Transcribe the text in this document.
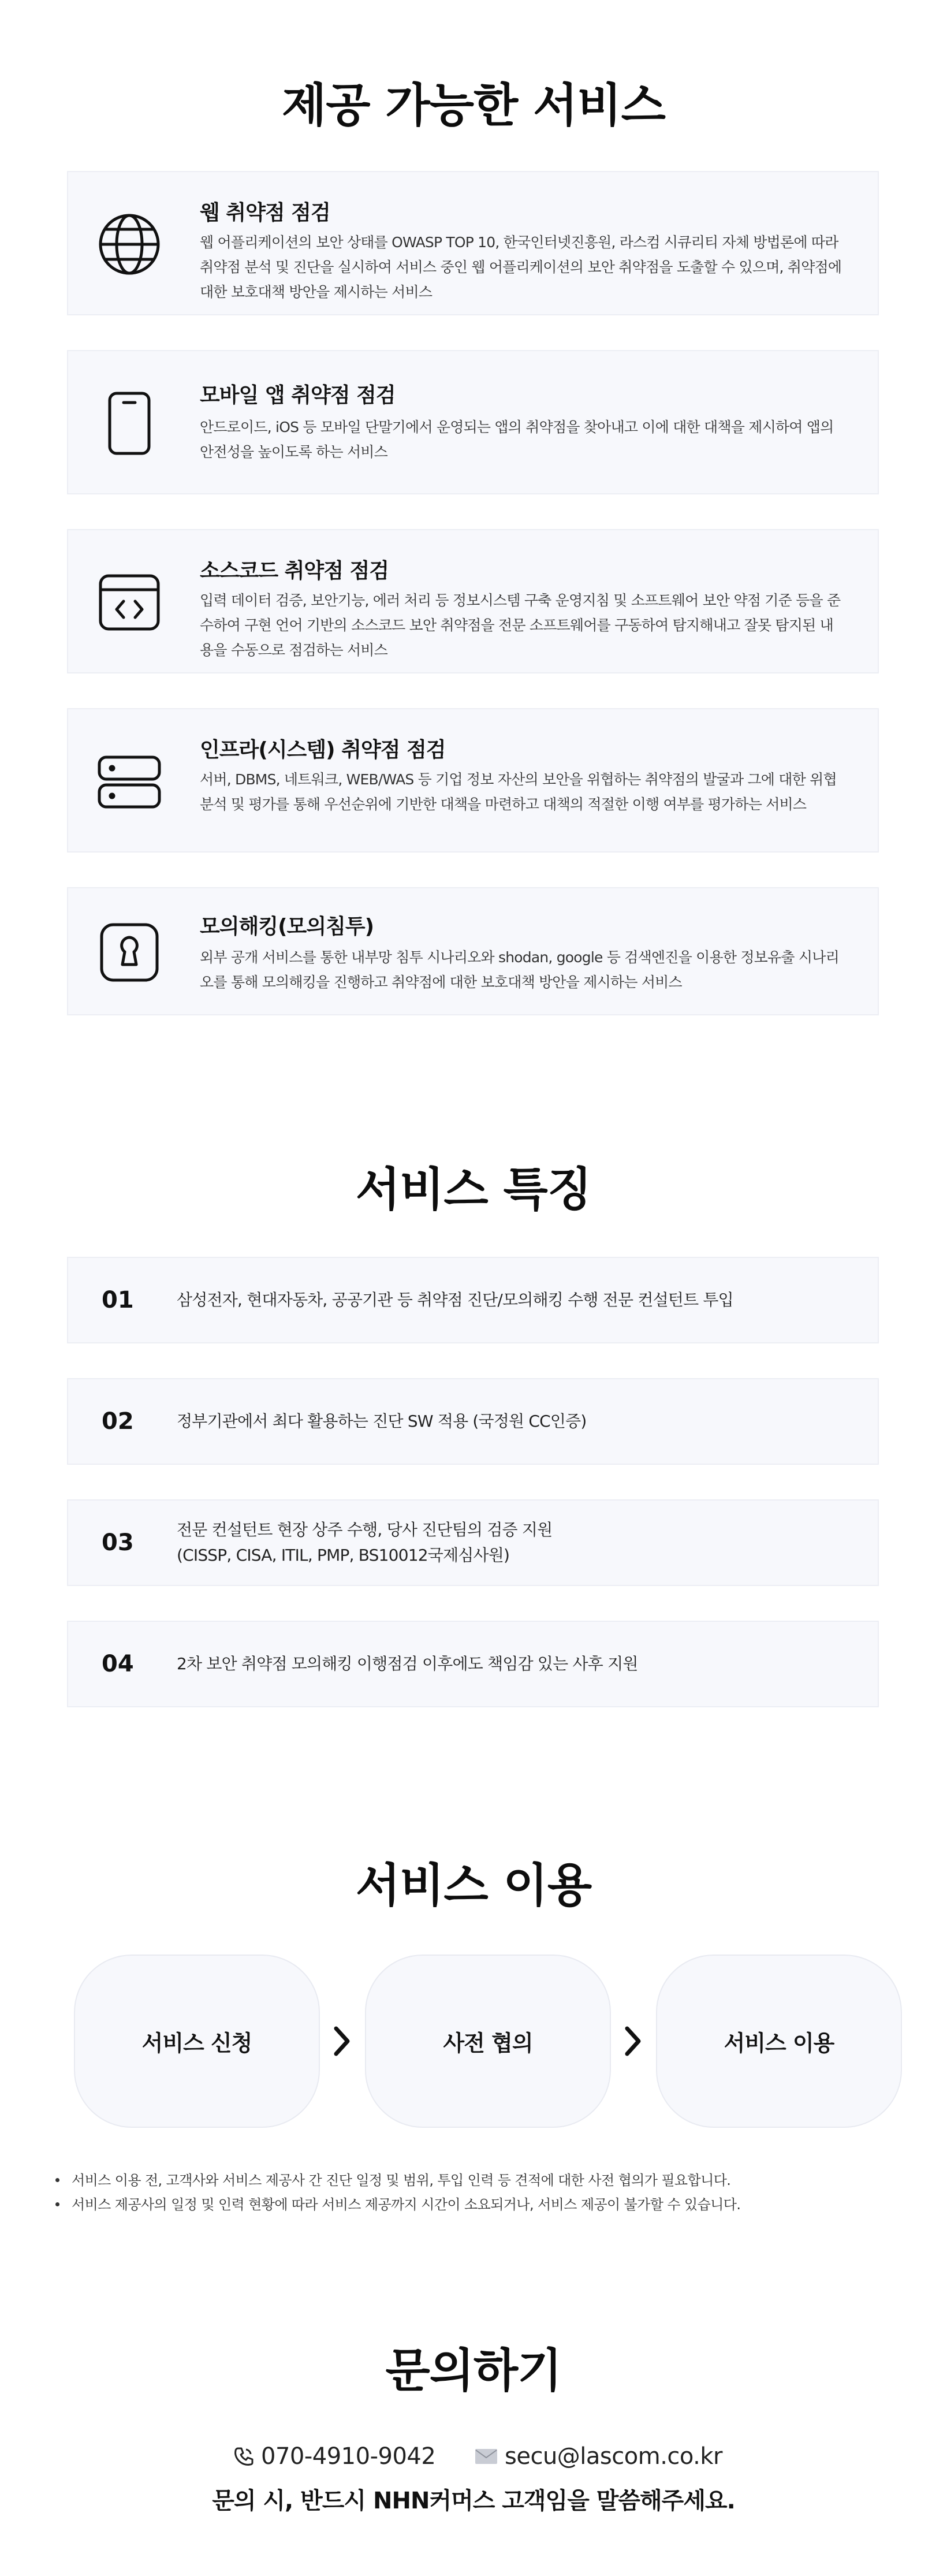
제공 가능한 서비스
웹 취약점 점검
웹 어플리케이션의 보안 상태를 OWASP TOP 10, 한국인터넷진흥원, 라스컴 시큐리티 자체 방법론에 따라 취약점 분석 및 진단을 실시하여 서비스 중인 웹 어플리케이션의 보안 취약점을 도출할 수 있으며, 취약점에 대한 보호대책 방안을 제시하는 서비스
모바일 앱 취약점 점검
안드로이드, iOS 등 모바일 단말기에서 운영되는 앱의 취약점을 찾아내고 이에 대한 대책을 제시하여 앱의 안전성을 높이도록 하는 서비스
소스코드 취약점 점검
입력 데이터 검증, 보안기능, 에러 처리 등 정보시스템 구축 운영지침 및 소프트웨어 보안 약점 기준 등을 준수하여 구현 언어 기반의 소스코드 보안 취약점을 전문 소프트웨어를 구동하여 탐지해내고 잘못 탐지된 내용을 수동으로 점검하는 서비스
인프라(시스템) 취약점 점검
서버, DBMS, 네트워크, WEB/WAS 등 기업 정보 자산의 보안을 위협하는 취약점의 발굴과 그에 대한 위협분석 및 평가를 통해 우선순위에 기반한 대책을 마련하고 대책의 적절한 이행 여부를 평가하는 서비스
모의해킹(모의침투)
외부 공개 서비스를 통한 내부망 침투 시나리오와 shodan, google 등 검색엔진을 이용한 정보유출 시나리오를 통해 모의해킹을 진행하고 취약점에 대한 보호대책 방안을 제시하는 서비스
서비스 특징
01	삼성전자, 현대자동차, 공공기관 등 취약점 진단/모의해킹 수행 전문 컨설턴트 투입
02	정부기관에서 최다 활용하는 진단 SW 적용 (국정원 CC인증)
03	전문 컨설턴트 현장 상주 수행, 당사 진단팀의 검증 지원
(CISSP, CISA, ITIL, PMP, BS10012국제심사원)
04	2차 보안 취약점 모의해킹 이행점검 이후에도 책임감 있는 사후 지원
서비스 이용
서비스 신청	사전 협의	서비스 이용
서비스 이용 전, 고객사와 서비스 제공사 간 진단 일정 및 범위, 투입 인력 등 견적에 대한 사전 협의가 필요합니다.
서비스 제공사의 일정 및 인력 현황에 따라 서비스 제공까지 시간이 소요되거나, 서비스 제공이 불가할 수 있습니다.
문의하기
070-4910-9042	secu@lascom.co.kr
문의 시, 반드시 NHN커머스 고객임을 말씀해주세요.
